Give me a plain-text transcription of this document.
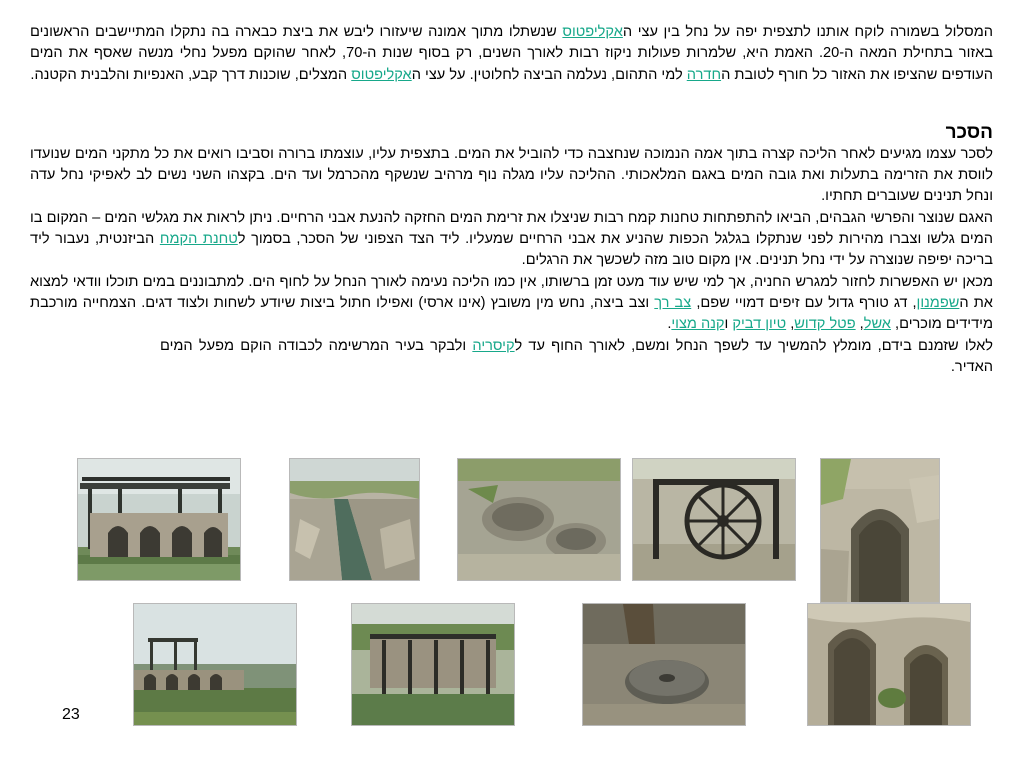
המסלול בשמורה לוקח אותנו לתצפית יפה על נחל בין עצי האקליפטוס שנשתלו מתוך אמונה שיעזורו ליבש את ביצת כבארה בה נתקלו המתיישבים הראשונים באזור בתחילת המאה ה-20. האמת היא, שלמרות פעולות ניקוז רבות לאורך השנים, רק בסוף שנות ה-70, לאחר שהוקם מפעל נחלי מנשה שאסף את המים העודפים שהציפו את האזור כל חורף לטובת החדרה למי התהום, נעלמה הביצה לחלוטין. על עצי האקליפטוס המצלים, שוכנות דרך קבע, האנפיות והלבנית הקטנה.

הסכר

לסכר עצמו מגיעים לאחר הליכה קצרה בתוך אמה הנמוכה שנחצבה כדי להוביל את המים. בתצפית עליו, עוצמתו ברורה וסביבו רואים את כל מתקני המים שנועדו לווסת את הזרימה בתעלות ואת גובה המים באגם המלאכותי. ההליכה עליו מגלה נוף מרהיב שנשקף מהכרמל ועד הים. בקצהו השני נשים לב לאפיקי נחל עדה ונחל תנינים שעוברים תחתיו.

האגם שנוצר והפרשי הגבהים, הביאו להתפתחות טחנות קמח רבות שניצלו את זרימת המים החזקה להנעת אבני הרחיים. ניתן לראות את מגלשי המים – המקום בו המים גלשו וצברו מהירות לפני שנתקלו בגלגל הכפות שהניע את אבני הרחיים שמעליו. ליד הצד הצפוני של הסכר, בסמוך לטחנת הקמח הביזנטית, נעבור ליד בריכה יפיפה שנוצרה על ידי נחל תנינים. אין מקום טוב מזה לשכשך את הרגלים.

מכאן יש האפשרות לחזור למגרש החניה, אך למי שיש עוד מעט זמן ברשותו, אין כמו הליכה נעימה לאורך הנחל על לחוף הים. למתבוננים במים תוכלו וודאי למצוא את השפמנון, דג טורף גדול עם זיפים דמויי שפם, צב רך וצב ביצה, נחש מין משובץ (אינו ארסי) ואפילו חתול ביצות שיודע לשחות ולצוד דגים. הצמחייה מורכבת מידידים מוכרים, אשל, פטל קדוש, טיון דביק וקנה מצוי.

לאלו שזמנם בידם, מומלץ להמשיך עד לשפך הנחל ומשם, לאורך החוף עד לקיסריה ולבקר בעיר המרשימה לכבודה הוקם מפעל המים האדיר.

23
